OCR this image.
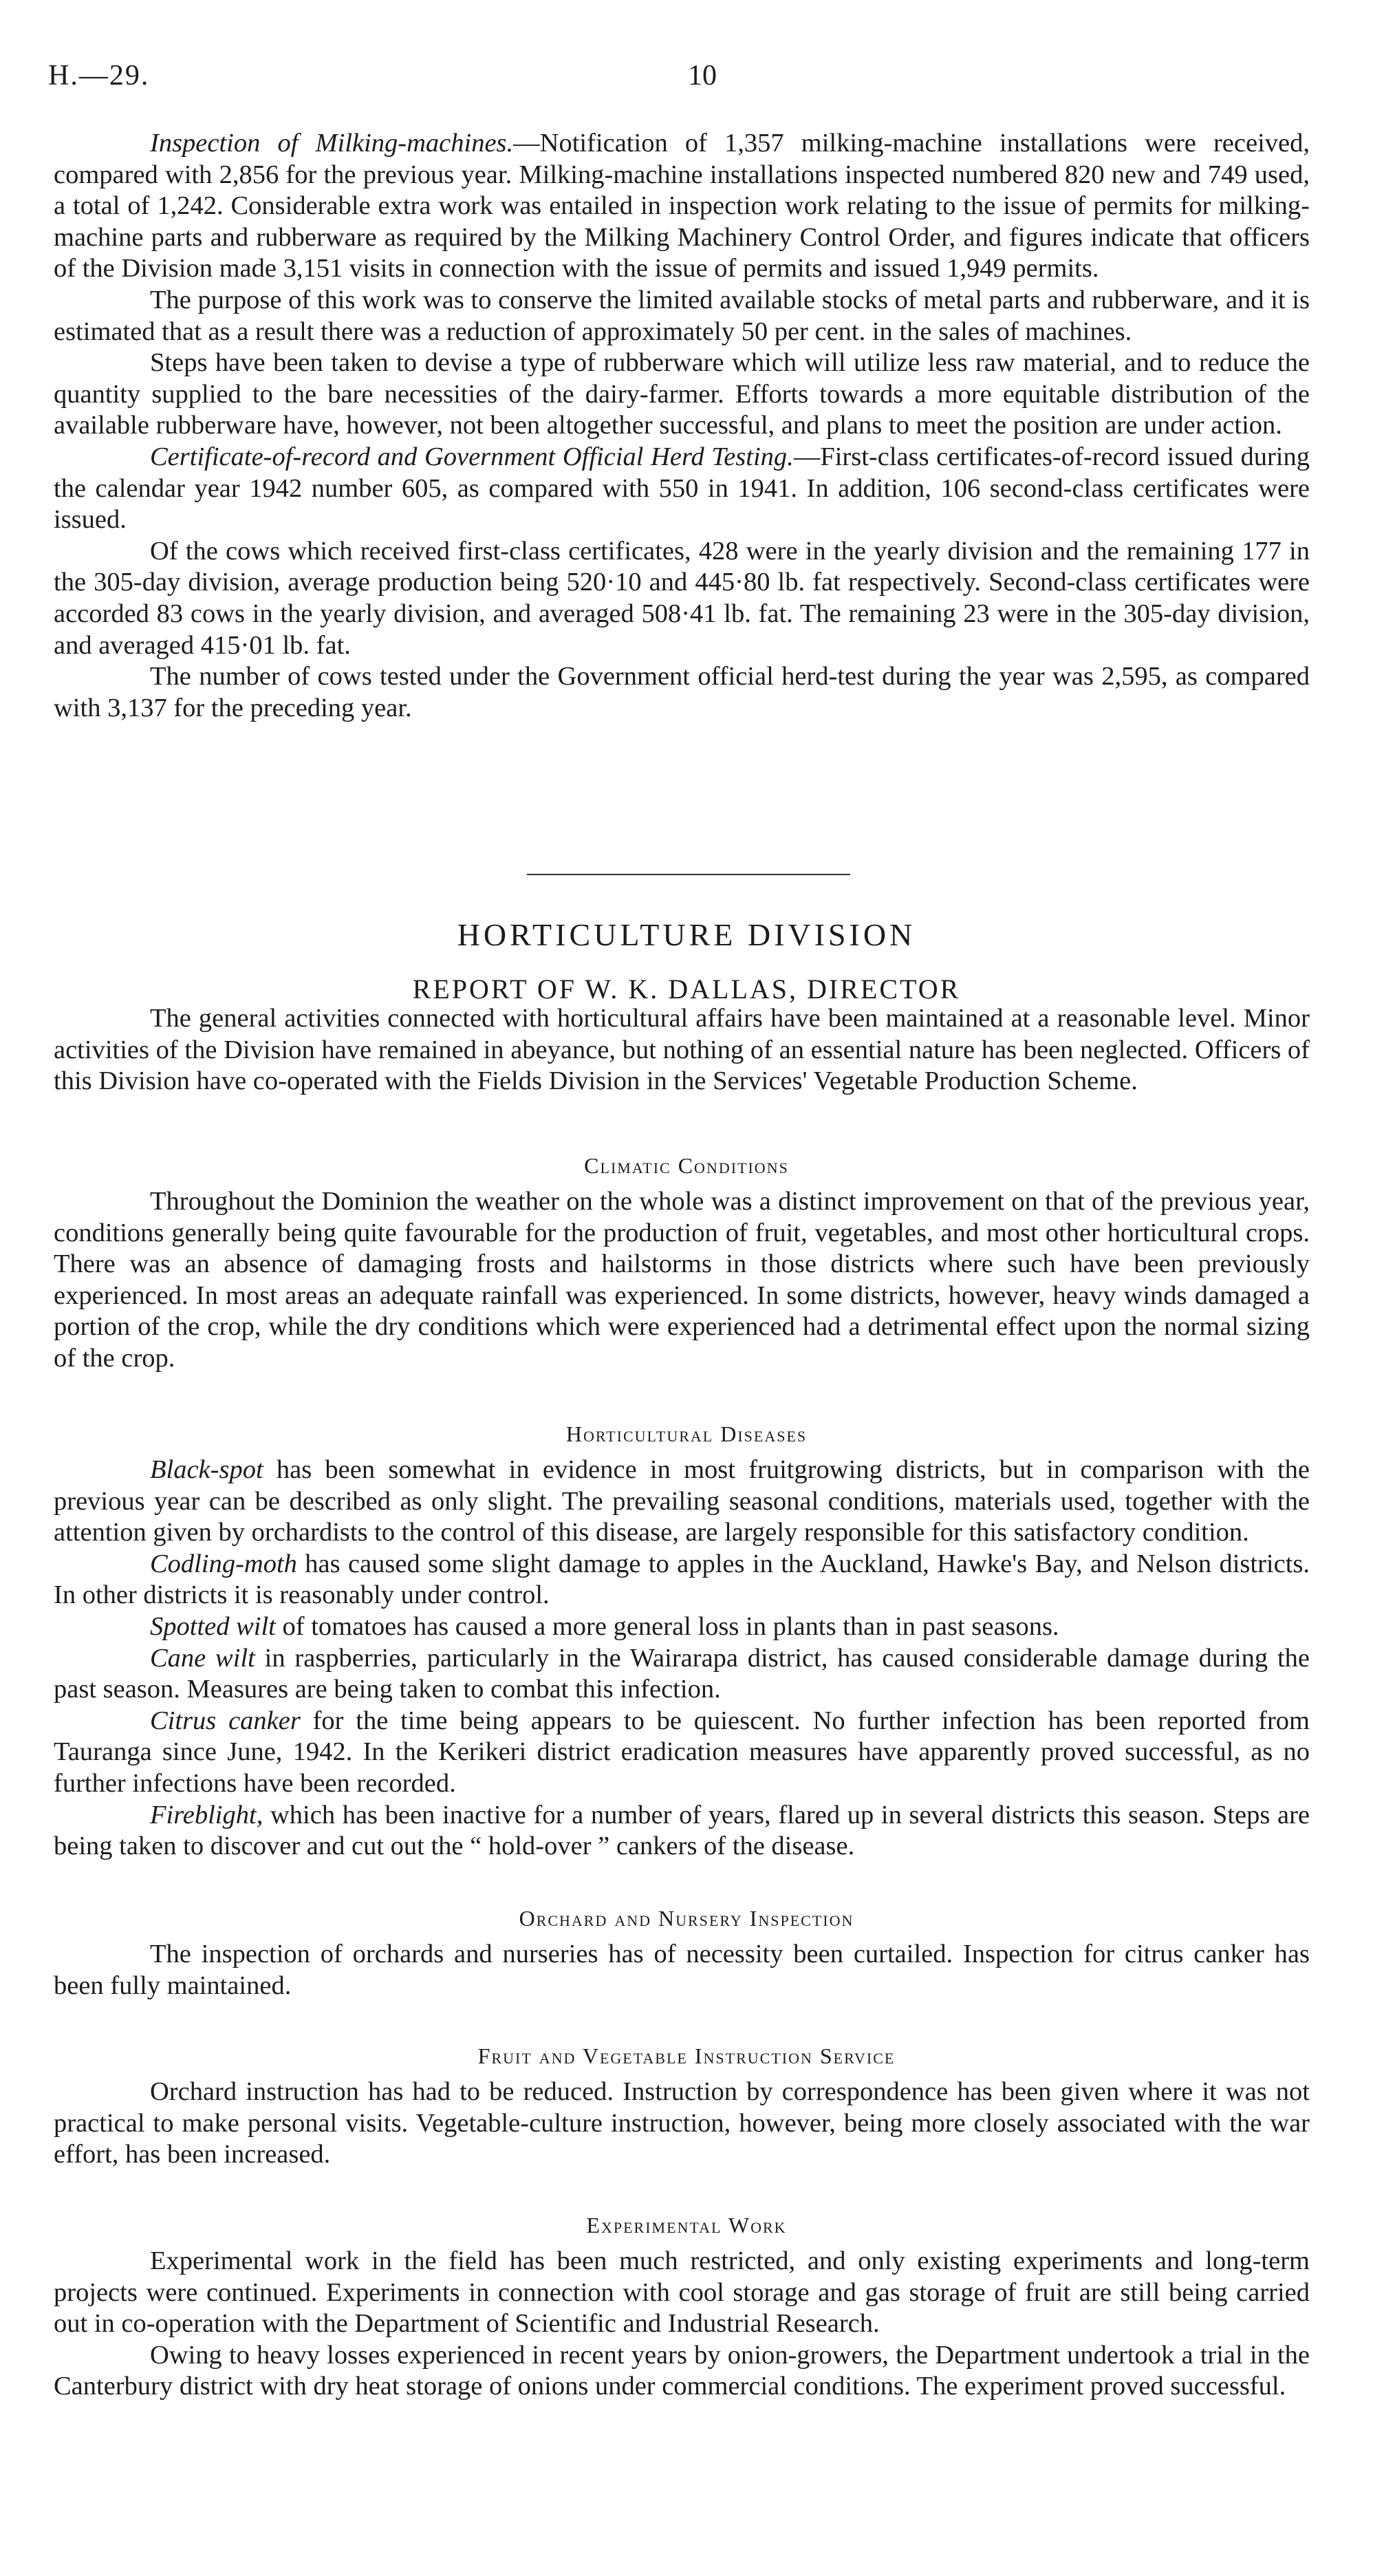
H.—29.	10

Inspection of Milking-machines.—Notification of 1,357 milking-machine installations were received, compared with 2,856 for the previous year. Milking-machine installations inspected numbered 820 new and 749 used, a total of 1,242. Considerable extra work was entailed in inspection work relating to the issue of permits for milking-machine parts and rubberware as required by the Milking Machinery Control Order, and figures indicate that officers of the Division made 3,151 visits in connection with the issue of permits and issued 1,949 permits.

The purpose of this work was to conserve the limited available stocks of metal parts and rubberware, and it is estimated that as a result there was a reduction of approximately 50 per cent. in the sales of machines.

Steps have been taken to devise a type of rubberware which will utilize less raw material, and to reduce the quantity supplied to the bare necessities of the dairy-farmer. Efforts towards a more equitable distribution of the available rubberware have, however, not been altogether successful, and plans to meet the position are under action.

Certificate-of-record and Government Official Herd Testing.—First-class certificates-of-record issued during the calendar year 1942 number 605, as compared with 550 in 1941. In addition, 106 second-class certificates were issued.

Of the cows which received first-class certificates, 428 were in the yearly division and the remaining 177 in the 305-day division, average production being 520·10 and 445·80 lb. fat respectively. Second-class certificates were accorded 83 cows in the yearly division, and averaged 508·41 lb. fat. The remaining 23 were in the 305-day division, and averaged 415·01 lb. fat.

The number of cows tested under the Government official herd-test during the year was 2,595, as compared with 3,137 for the preceding year.

HORTICULTURE DIVISION
REPORT OF W. K. DALLAS, DIRECTOR

The general activities connected with horticultural affairs have been maintained at a reasonable level. Minor activities of the Division have remained in abeyance, but nothing of an essential nature has been neglected. Officers of this Division have co-operated with the Fields Division in the Services' Vegetable Production Scheme.

Climatic Conditions

Throughout the Dominion the weather on the whole was a distinct improvement on that of the previous year, conditions generally being quite favourable for the production of fruit, vegetables, and most other horticultural crops. There was an absence of damaging frosts and hailstorms in those districts where such have been previously experienced. In most areas an adequate rainfall was experienced. In some districts, however, heavy winds damaged a portion of the crop, while the dry conditions which were experienced had a detrimental effect upon the normal sizing of the crop.

Horticultural Diseases

Black-spot has been somewhat in evidence in most fruitgrowing districts, but in comparison with the previous year can be described as only slight. The prevailing seasonal conditions, materials used, together with the attention given by orchardists to the control of this disease, are largely responsible for this satisfactory condition.

Codling-moth has caused some slight damage to apples in the Auckland, Hawke's Bay, and Nelson districts. In other districts it is reasonably under control.

Spotted wilt of tomatoes has caused a more general loss in plants than in past seasons.

Cane wilt in raspberries, particularly in the Wairarapa district, has caused considerable damage during the past season. Measures are being taken to combat this infection.

Citrus canker for the time being appears to be quiescent. No further infection has been reported from Tauranga since June, 1942. In the Kerikeri district eradication measures have apparently proved successful, as no further infections have been recorded.

Fireblight, which has been inactive for a number of years, flared up in several districts this season. Steps are being taken to discover and cut out the “ hold-over ” cankers of the disease.

Orchard and Nursery Inspection

The inspection of orchards and nurseries has of necessity been curtailed. Inspection for citrus canker has been fully maintained.

Fruit and Vegetable Instruction Service

Orchard instruction has had to be reduced. Instruction by correspondence has been given where it was not practical to make personal visits. Vegetable-culture instruction, however, being more closely associated with the war effort, has been increased.

Experimental Work

Experimental work in the field has been much restricted, and only existing experiments and long-term projects were continued. Experiments in connection with cool storage and gas storage of fruit are still being carried out in co-operation with the Department of Scientific and Industrial Research.

Owing to heavy losses experienced in recent years by onion-growers, the Department undertook a trial in the Canterbury district with dry heat storage of onions under commercial conditions. The experiment proved successful.
